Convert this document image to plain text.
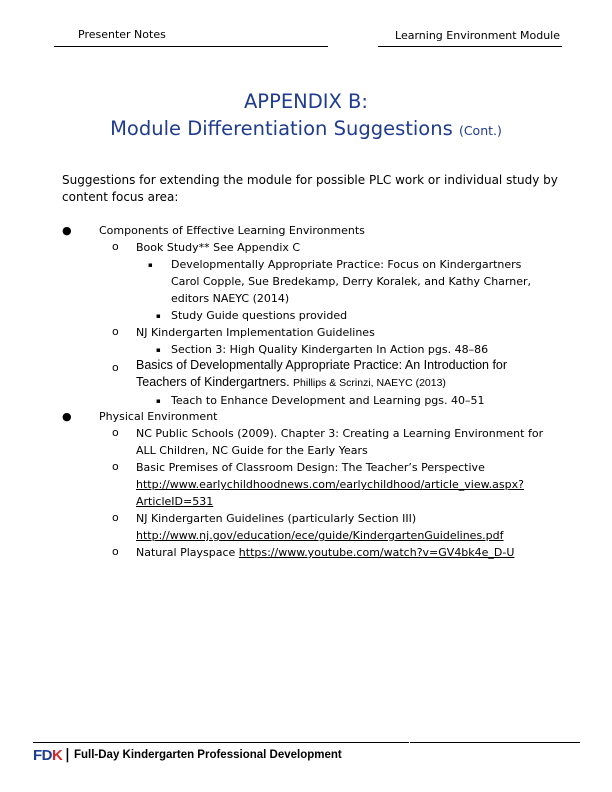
Presenter Notes	Learning Environment Module
APPENDIX B:
Module Differentiation Suggestions (Cont.)
Suggestions for extending the module for possible PLC work or individual study by
content focus area:
● Components of Effective Learning Environments
o Book Study** See Appendix C
▪ Developmentally Appropriate Practice: Focus on Kindergartners
Carol Copple, Sue Bredekamp, Derry Koralek, and Kathy Charner,
editors NAEYC (2014)
▪ Study Guide questions provided
o NJ Kindergarten Implementation Guidelines
▪ Section 3: High Quality Kindergarten In Action pgs. 48–86
o Basics of Developmentally Appropriate Practice: An Introduction for
Teachers of Kindergartners. Phillips & Scrinzi, NAEYC (2013)
▪ Teach to Enhance Development and Learning pgs. 40–51
● Physical Environment
o NC Public Schools (2009). Chapter 3: Creating a Learning Environment for
ALL Children, NC Guide for the Early Years
o Basic Premises of Classroom Design: The Teacher’s Perspective
http://www.earlychildhoodnews.com/earlychildhood/article_view.aspx?
ArticleID=531
o NJ Kindergarten Guidelines (particularly Section III)
http://www.nj.gov/education/ece/guide/KindergartenGuidelines.pdf
o Natural Playspace https://www.youtube.com/watch?v=GV4bk4e_D-U
F D K | Full-Day Kindergarten Professional Development
